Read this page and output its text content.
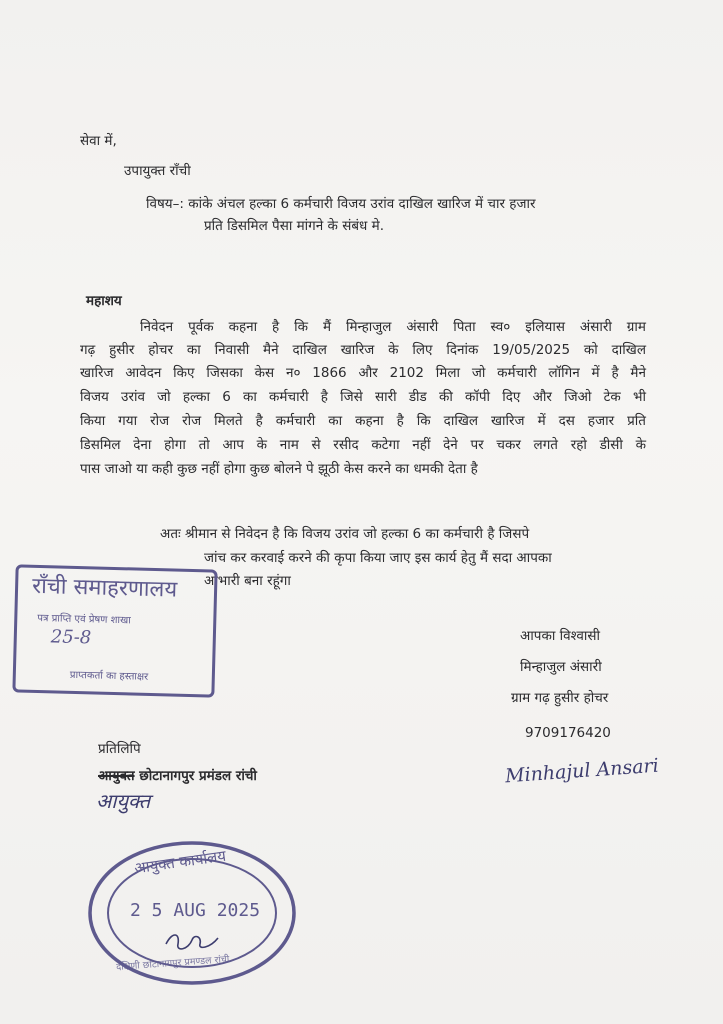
सेवा में,
उपायुक्त राँची
विषय–: कांके अंचल हल्का 6 कर्मचारी विजय उरांव दाखिल खारिज में चार हजार
प्रति डिसमिल पैसा मांगने के संबंध मे.
महाशय
निवेदन पूर्वक कहना है कि मैं मिन्हाजुल अंसारी पिता स्व० इलियास अंसारी ग्राम
गढ़ हुसीर होचर का निवासी मैने दाखिल खारिज के लिए दिनांक 19/05/2025 को दाखिल
खारिज आवेदन किए जिसका केस न० 1866 और 2102 मिला जो कर्मचारी लॉगिन में है मैने
विजय उरांव जो हल्का 6 का कर्मचारी है जिसे सारी डीड की कॉपी दिए और जिओ टेक भी
किया गया रोज रोज मिलते है कर्मचारी का कहना है कि दाखिल खारिज में दस हजार प्रति
डिसमिल देना होगा तो आप के नाम से रसीद कटेगा नहीं देने पर चकर लगते रहो डीसी के
पास जाओ या कही कुछ नहीं होगा कुछ बोलने पे झूठी केस करने का धमकी देता है
अतः श्रीमान से निवेदन है कि विजय उरांव जो हल्का 6 का कर्मचारी है जिसपे
जांच कर करवाई करने की कृपा किया जाए इस कार्य हेतु मैं सदा आपका
आभारी बना रहूंगा
आपका विश्वासी
मिन्हाजुल अंसारी
ग्राम गढ़ हुसीर होचर
9709176420
Minhajul Ansari
प्रतिलिपि
आयुक्त छोटानागपुर प्रमंडल रांची
आयुक्त
राँची समाहरणालय
पत्र प्राप्ति एवं प्रेषण शाखा
25-8
प्राप्तकर्ता का हस्ताक्षर
आयुक्त कार्यालय
2 5 AUG 2025
दक्षिणी छोटानागपुर प्रमण्डल रांची
